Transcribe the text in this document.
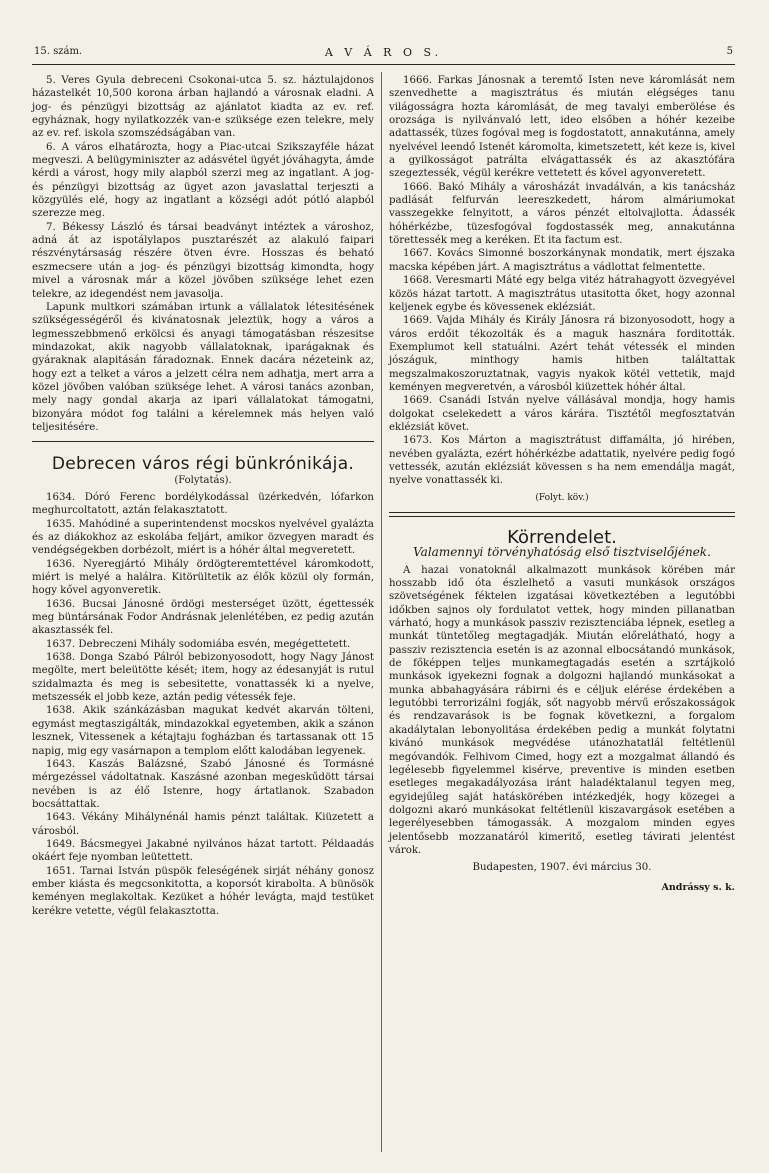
15. szám.	A V Á R O S.	5

5. Veres Gyula debreceni Csokonai-utca 5. sz. háztulajdonos házastelkét 10,500 korona árban hajlandó a városnak eladni. A jog- és pénzügyi bizottság az ajánlatot kiadta az ev. ref. egyháznak, hogy nyilatkozzék van-e szüksége ezen telekre, mely az ev. ref. iskola szomszédságában van.

6. A város elhatározta, hogy a Piac-utcai Szikszayféle házat megveszi. A belügyminiszter az adásvétel ügyét jóváhagyta, ámde kérdi a várost, hogy mily alapból szerzi meg az ingatlant. A jog- és pénzügyi bizottság az ügyet azon javaslattal terjeszti a közgyülés elé, hogy az ingatlant a községi adót pótló alapból szerezze meg.

7. Békessy László és társai beadványt intéztek a városhoz, adná át az ispotálylapos pusztarészét az alakuló faipari részvénytársaság részére ötven évre. Hosszas és beható eszmecsere után a jog- és pénzügyi bizottság kimondta, hogy mivel a városnak már a közel jövőben szüksége lehet ezen telekre, az idegendést nem javasolja.

Lapunk multkori számában irtunk a vállalatok létesitésének szükségességéről és kivánatosnak jeleztük, hogy a város a legmesszebbmenő erkölcsi és anyagi támogatásban részesitse mindazokat, akik nagyobb vállalatoknak, iparágaknak és gyáraknak alapitásán fáradoznak. Ennek dacára nézeteink az, hogy ezt a telket a város a jelzett célra nem adhatja, mert arra a közel jövőben valóban szüksége lehet. A városi tanács azonban, mely nagy gondal akarja az ipari vállalatokat támogatni, bizonyára módot fog találni a kérelemnek más helyen való teljesitésére.

Debrecen város régi bünkrónikája.
(Folytatás).

1634. Dóró Ferenc bordélykodással üzérkedvén, lófarkon meghurcoltatott, aztán felakasztatott.

1635. Mahódiné a superintendenst mocskos nyelvével gyalázta és az diákokhoz az eskolába feljárt, amikor özvegyen maradt és vendégségekben dorbézolt, miért is a hóhér által megveretett.

1636. Nyeregjártó Mihály ördögteremtettével káromkodott, miért is melyé a halálra. Kitörültetik az élők közül oly formán, hogy kővel agyonveretik.

1636. Bucsai Jánosné ördögi mesterséget üzött, égettessék meg büntársának Fodor Andrásnak jelenlétében, ez pedig azután akasztassék fel.

1637. Debreczeni Mihály sodomiába esvén, megégettetett.

1638. Donga Szabó Pálról bebizonyosodott, hogy Nagy Jánost megölte, mert beleütötte kését; item, hogy az édesanyját is rutul szidalmazta és meg is sebesitette, vonattassék ki a nyelve, metszessék el jobb keze, aztán pedig vétessék feje.

1638. Akik szánkázásban magukat kedvét akarván tölteni, egymást megtaszigálták, mindazokkal egyetemben, akik a szánon lesznek, Vitessenek a kétajtaju fogházban és tartassanak ott 15 napig, mig egy vasárnapon a templom előtt kalodában legyenek.

1643. Kaszás Balázsné, Szabó Jánosné és Tormásné mérgezéssel vádoltatnak. Kaszásné azonban megeskűdött társai nevében is az élő Istenre, hogy ártatlanok. Szabadon bocsáttattak.

1643. Vékány Mihálynénál hamis pénzt találtak. Kiüzetett a városból.

1649. Bácsmegyei Jakabné nyilvános házat tartott. Példaadás okáért feje nyomban leütettett.

1651. Tarnai István püspök feleségének sirját néhány gonosz ember kiásta és megcsonkitotta, a koporsót kirabolta. A bünösök keményen meglakoltak. Kezüket a hóhér levágta, majd testüket kerékre vetette, végül felakasztotta.

1666. Farkas Jánosnak a teremtő Isten neve káromlását nem szenvedhette a magisztrátus és miután elégséges tanu világosságra hozta káromlását, de meg tavalyi emberölése és orozsága is nyilvánvaló lett, ideo elsőben a hóhér kezeibe adattassék, tüzes fogóval meg is fogdostatott, annakutánna, amely nyelvével leendő Istenét káromolta, kimetszetett, két keze is, kivel a gyilkosságot patrálta elvágattassék és az akasztófára szegeztessék, végül kerékre vettetett és kővel agyonveretett.

1666. Bakó Mihály a városházát invadálván, a kis tanácsház padlását felfurván leereszkedett, három almáriumokat vasszegekke felnyitott, a város pénzét eltolvajlotta. Ádassék hóhérkézbe, tüzesfogóval fogdostassék meg, annakutánna törettessék meg a keréken. Et ita factum est.

1667. Kovács Simonné boszorkánynak mondatik, mert éjszaka macska képében járt. A magisztrátus a vádlottat felmentette.

1668. Veresmarti Máté egy belga vitéz hátrahagyott özvegyével közös házat tartott. A magisztrátus utasitotta őket, hogy azonnal keljenek egybe és kövessenek eklézsiát.

1669. Vajda Mihály és Király Jánosra rá bizonyosodott, hogy a város erdőit tékozolták és a maguk hasznára forditották. Exemplumot kell statuálni. Azért tehát vétessék el minden jószáguk, minthogy hamis hitben találtattak megszalmakoszoruztatnak, vagyis nyakok kötél vettetik, majd keményen megveretvén, a városból kiüzettek hóhér által.

1669. Csanádi István nyelve vállásával mondja, hogy hamis dolgokat cselekedett a város kárára. Tisztétől megfosztatván eklézsiát követ.

1673. Kos Márton a magisztrátust diffamálta, jó hirében, nevében gyalázta, ezért hóhérkézbe adattatik, nyelvére pedig fogó vettessék, azután eklézsiát kövessen s ha nem emendálja magát, nyelve vonattassék ki.

(Folyt. köv.)
Körrendelet.
Valamennyi törvényhatóság első tisztviselőjének.

A hazai vonatoknál alkalmazott munkások körében már hosszabb idő óta észlelhető a vasuti munkások országos szövetségének féktelen izgatásai következtében a legutóbbi időkben sajnos oly fordulatot vettek, hogy minden pillanatban várható, hogy a munkások passziv rezisztenciába lépnek, esetleg a munkát tüntetőleg megtagadják. Miután előrelátható, hogy a passziv rezisztencia esetén is az azonnal elbocsátandó munkások, de főképpen teljes munkamegtagadás esetén a szrtájkoló munkások igyekezni fognak a dolgozni hajlandó munkásokat a munka abbahagyására rábirni és e céljuk elérése érdekében a legutóbbi terrorizálni fogják, sőt nagyobb mérvű erőszakosságok és rendzavarások is be fognak következni, a forgalom akadálytalan lebonyolitása érdekében pedig a munkát folytatni kivánó munkások megvédése utánozhatatlál feltétlenül megóvandók. Felhivom Cimed, hogy ezt a mozgalmat állandó és legélesebb figyelemmel kisérve, preventive is minden esetben esetleges megakadályozása iránt haladéktalanul tegyen meg, egyidejűleg saját hatáskörében intézkedjék, hogy közegei a dolgozni akaró munkásokat feltétlenül kiszavargások esetében a legerélyesebben támogassák. A mozgalom minden egyes jelentősebb mozzanatáról kimeritő, esetleg távirati jelentést várok.

Budapesten, 1907. évi március 30.
Andrássy s. k.
